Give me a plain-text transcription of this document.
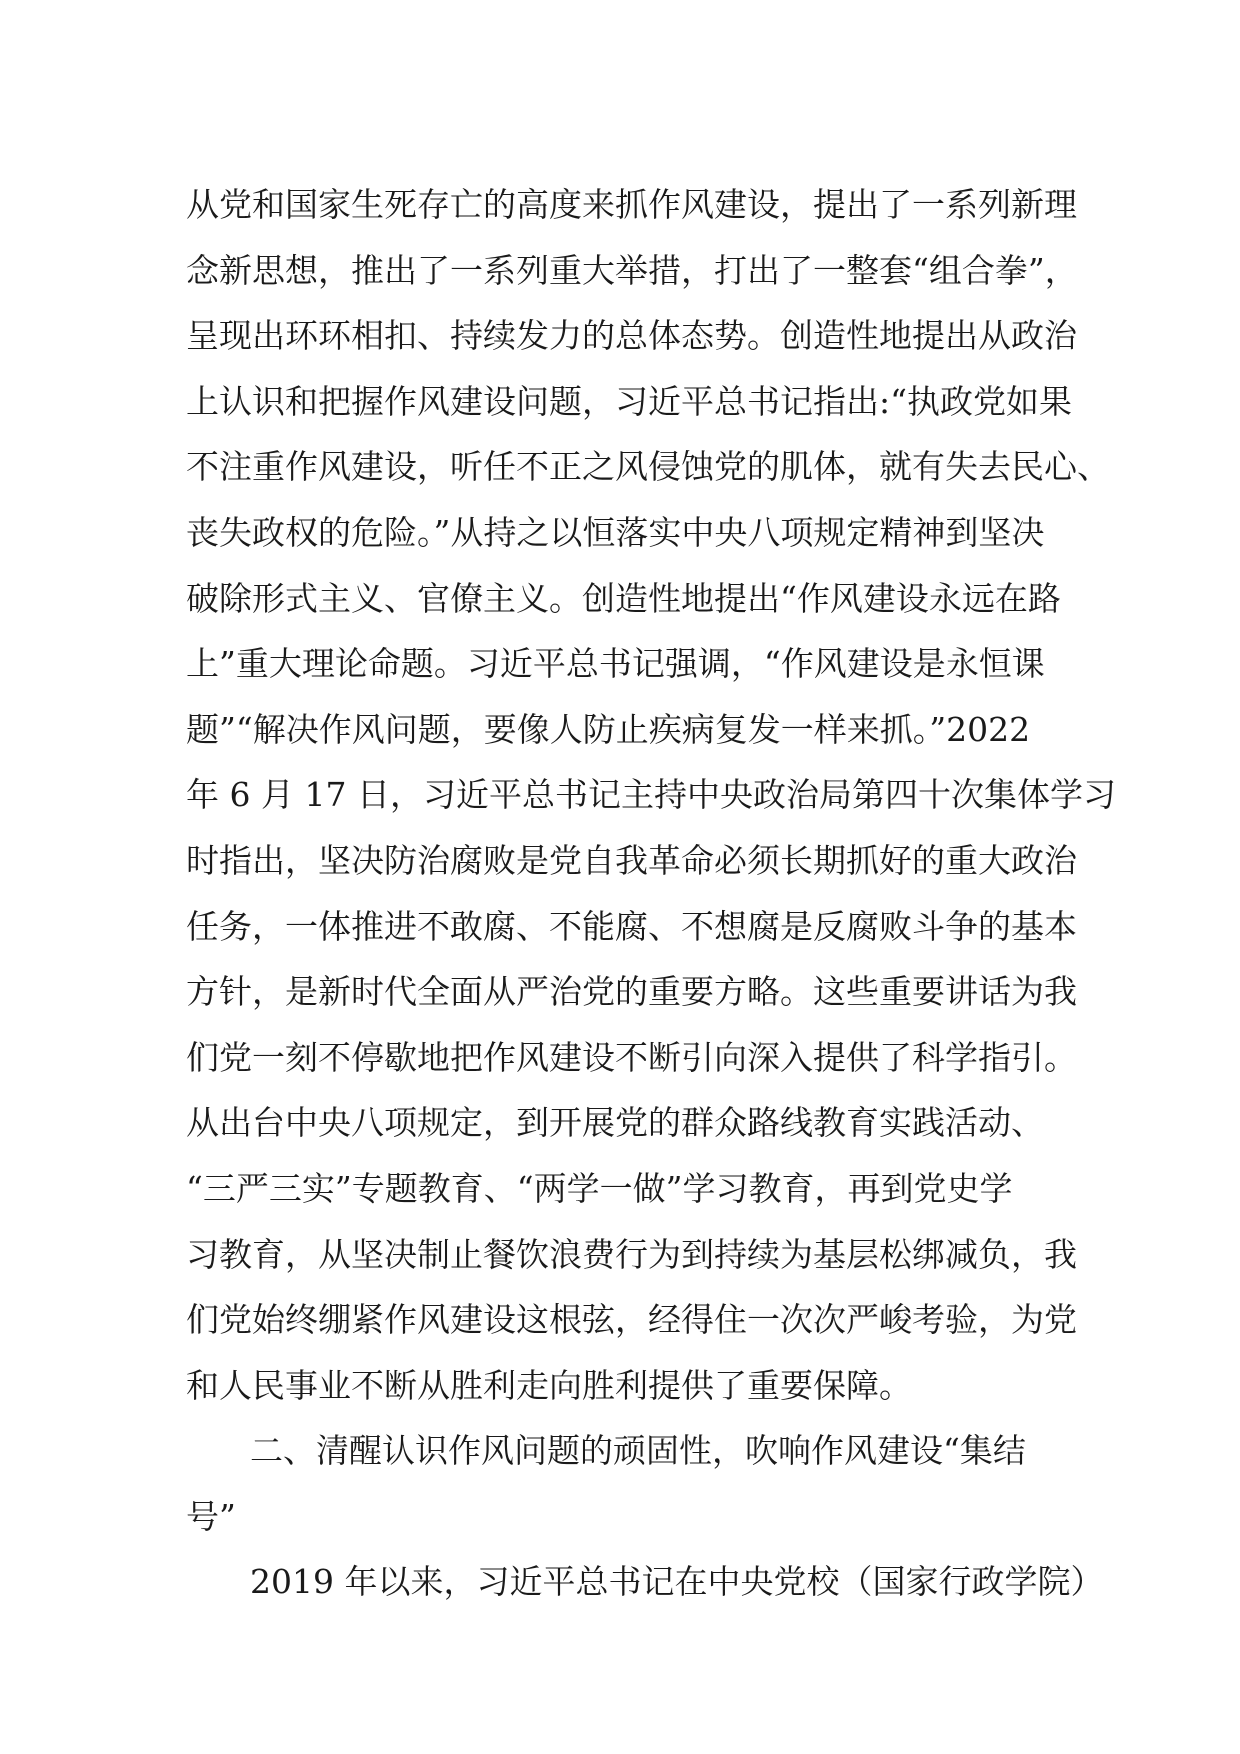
从党和国家生死存亡的高度来抓作风建设，提出了一系列新理
念新思想，推出了一系列重大举措，打出了一整套“组合拳”，
呈现出环环相扣、持续发力的总体态势。创造性地提出从政治
上认识和把握作风建设问题，习近平总书记指出:“执政党如果
不注重作风建设，听任不正之风侵蚀党的肌体，就有失去民心、
丧失政权的危险。”从持之以恒落实中央八项规定精神到坚决
破除形式主义、官僚主义。创造性地提出“作风建设永远在路
上”重大理论命题。习近平总书记强调，“作风建设是永恒课
题”“解决作风问题，要像人防止疾病复发一样来抓。”2022
年 6 月 17 日，习近平总书记主持中央政治局第四十次集体学习
时指出，坚决防治腐败是党自我革命必须长期抓好的重大政治
任务，一体推进不敢腐、不能腐、不想腐是反腐败斗争的基本
方针，是新时代全面从严治党的重要方略。这些重要讲话为我
们党一刻不停歇地把作风建设不断引向深入提供了科学指引。
从出台中央八项规定，到开展党的群众路线教育实践活动、
“三严三实”专题教育、“两学一做”学习教育，再到党史学
习教育，从坚决制止餐饮浪费行为到持续为基层松绑减负，我
们党始终绷紧作风建设这根弦，经得住一次次严峻考验，为党
和人民事业不断从胜利走向胜利提供了重要保障。
二、清醒认识作风问题的顽固性，吹响作风建设“集结
号”
2019 年以来，习近平总书记在中央党校（国家行政学院）
